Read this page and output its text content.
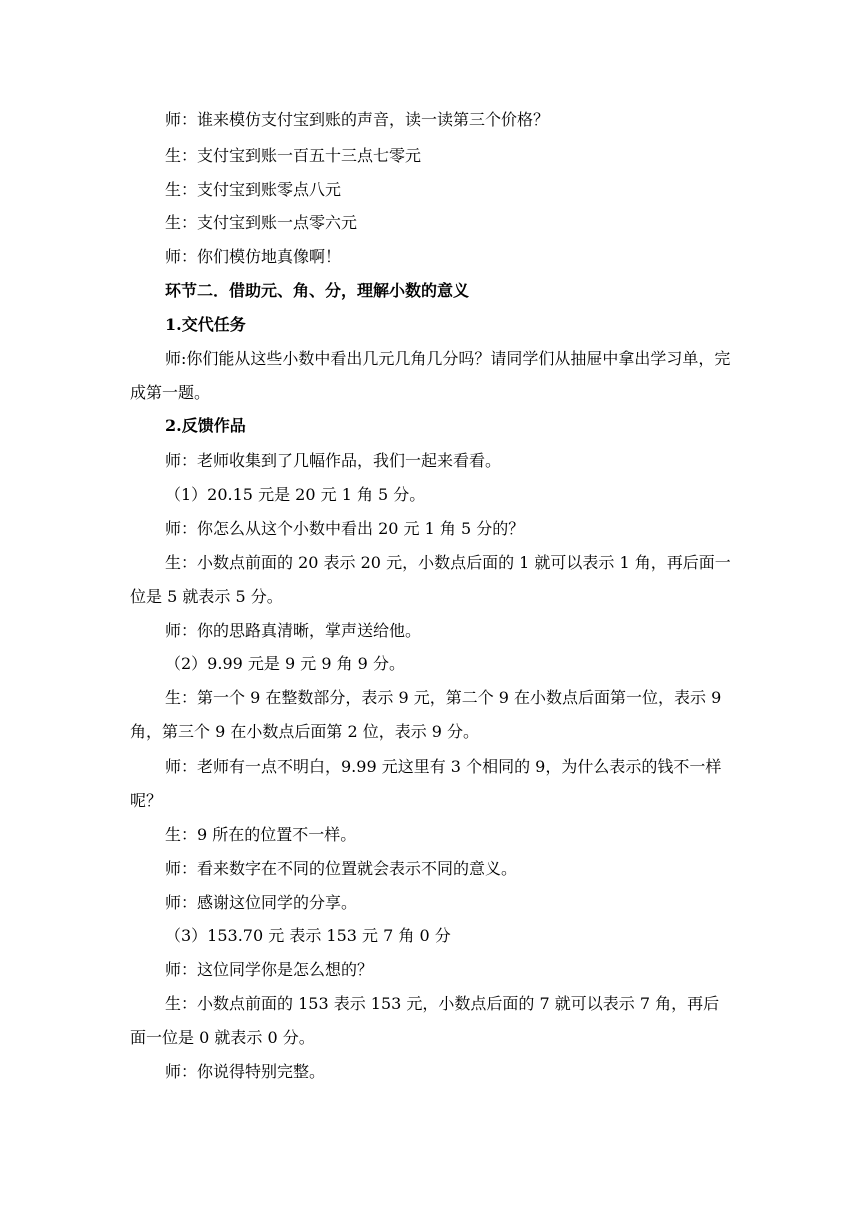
师：谁来模仿支付宝到账的声音，读一读第三个价格？
生：支付宝到账一百五十三点七零元
生：支付宝到账零点八元
生：支付宝到账一点零六元
师：你们模仿地真像啊！
环节二．借助元、角、分，理解小数的意义
1.交代任务
师:你们能从这些小数中看出几元几角几分吗？请同学们从抽屉中拿出学习单，完成第一题。
2.反馈作品
师：老师收集到了几幅作品，我们一起来看看。
（1）20.15 元是 20 元 1 角 5 分。
师：你怎么从这个小数中看出 20 元 1 角 5 分的？
生：小数点前面的 20 表示 20 元，小数点后面的 1 就可以表示 1 角，再后面一位是 5 就表示 5 分。
师：你的思路真清晰，掌声送给他。
（2）9.99 元是 9 元 9 角 9 分。
生：第一个 9 在整数部分，表示 9 元，第二个 9 在小数点后面第一位，表示 9 角，第三个 9 在小数点后面第 2 位，表示 9 分。
师：老师有一点不明白，9.99 元这里有 3 个相同的 9，为什么表示的钱不一样呢？
生：9 所在的位置不一样。
师：看来数字在不同的位置就会表示不同的意义。
师：感谢这位同学的分享。
（3）153.70 元 表示 153 元 7 角 0 分
师：这位同学你是怎么想的？
生：小数点前面的 153 表示 153 元，小数点后面的 7 就可以表示 7 角，再后面一位是 0 就表示 0 分。
师：你说得特别完整。
